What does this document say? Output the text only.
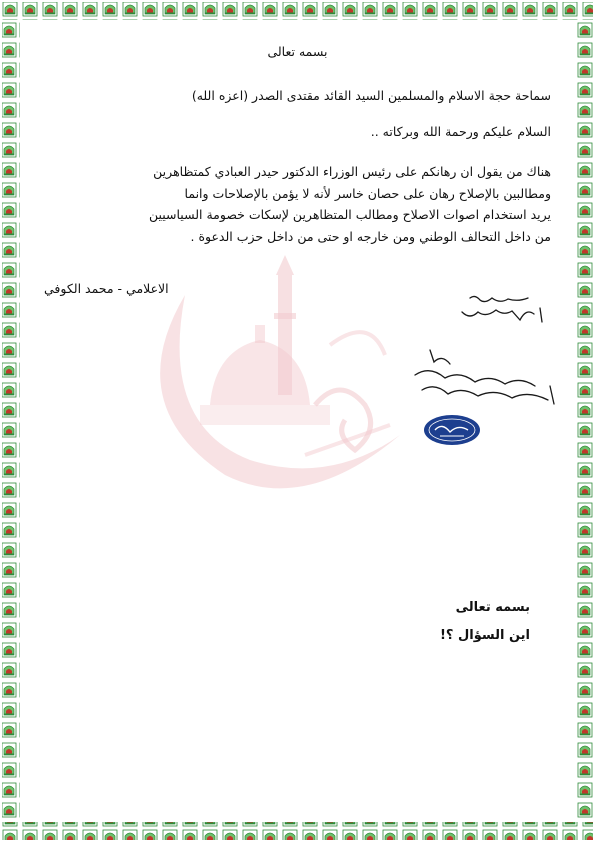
بسمه تعالى
سماحة حجة الاسلام والمسلمين السيد القائد مقتدى الصدر (اعزه الله)
السلام عليكم ورحمة الله وبركاته ..
هناك من يقول ان رهانكم على رئيس الوزراء الدكتور حيدر العبادي كمتظاهرين
ومطالبين بالإصلاح رهان على حصان خاسر لأنه لا يؤمن بالإصلاحات وانما
يريد استخدام اصوات الاصلاح ومطالب المتظاهرين لإسكات خصومة السياسيين
من داخل التحالف الوطني ومن خارجه او حتى من داخل حزب الدعوة .
الاعلامي - محمد الكوفي
بسمه تعالى
اين السؤال ؟!
